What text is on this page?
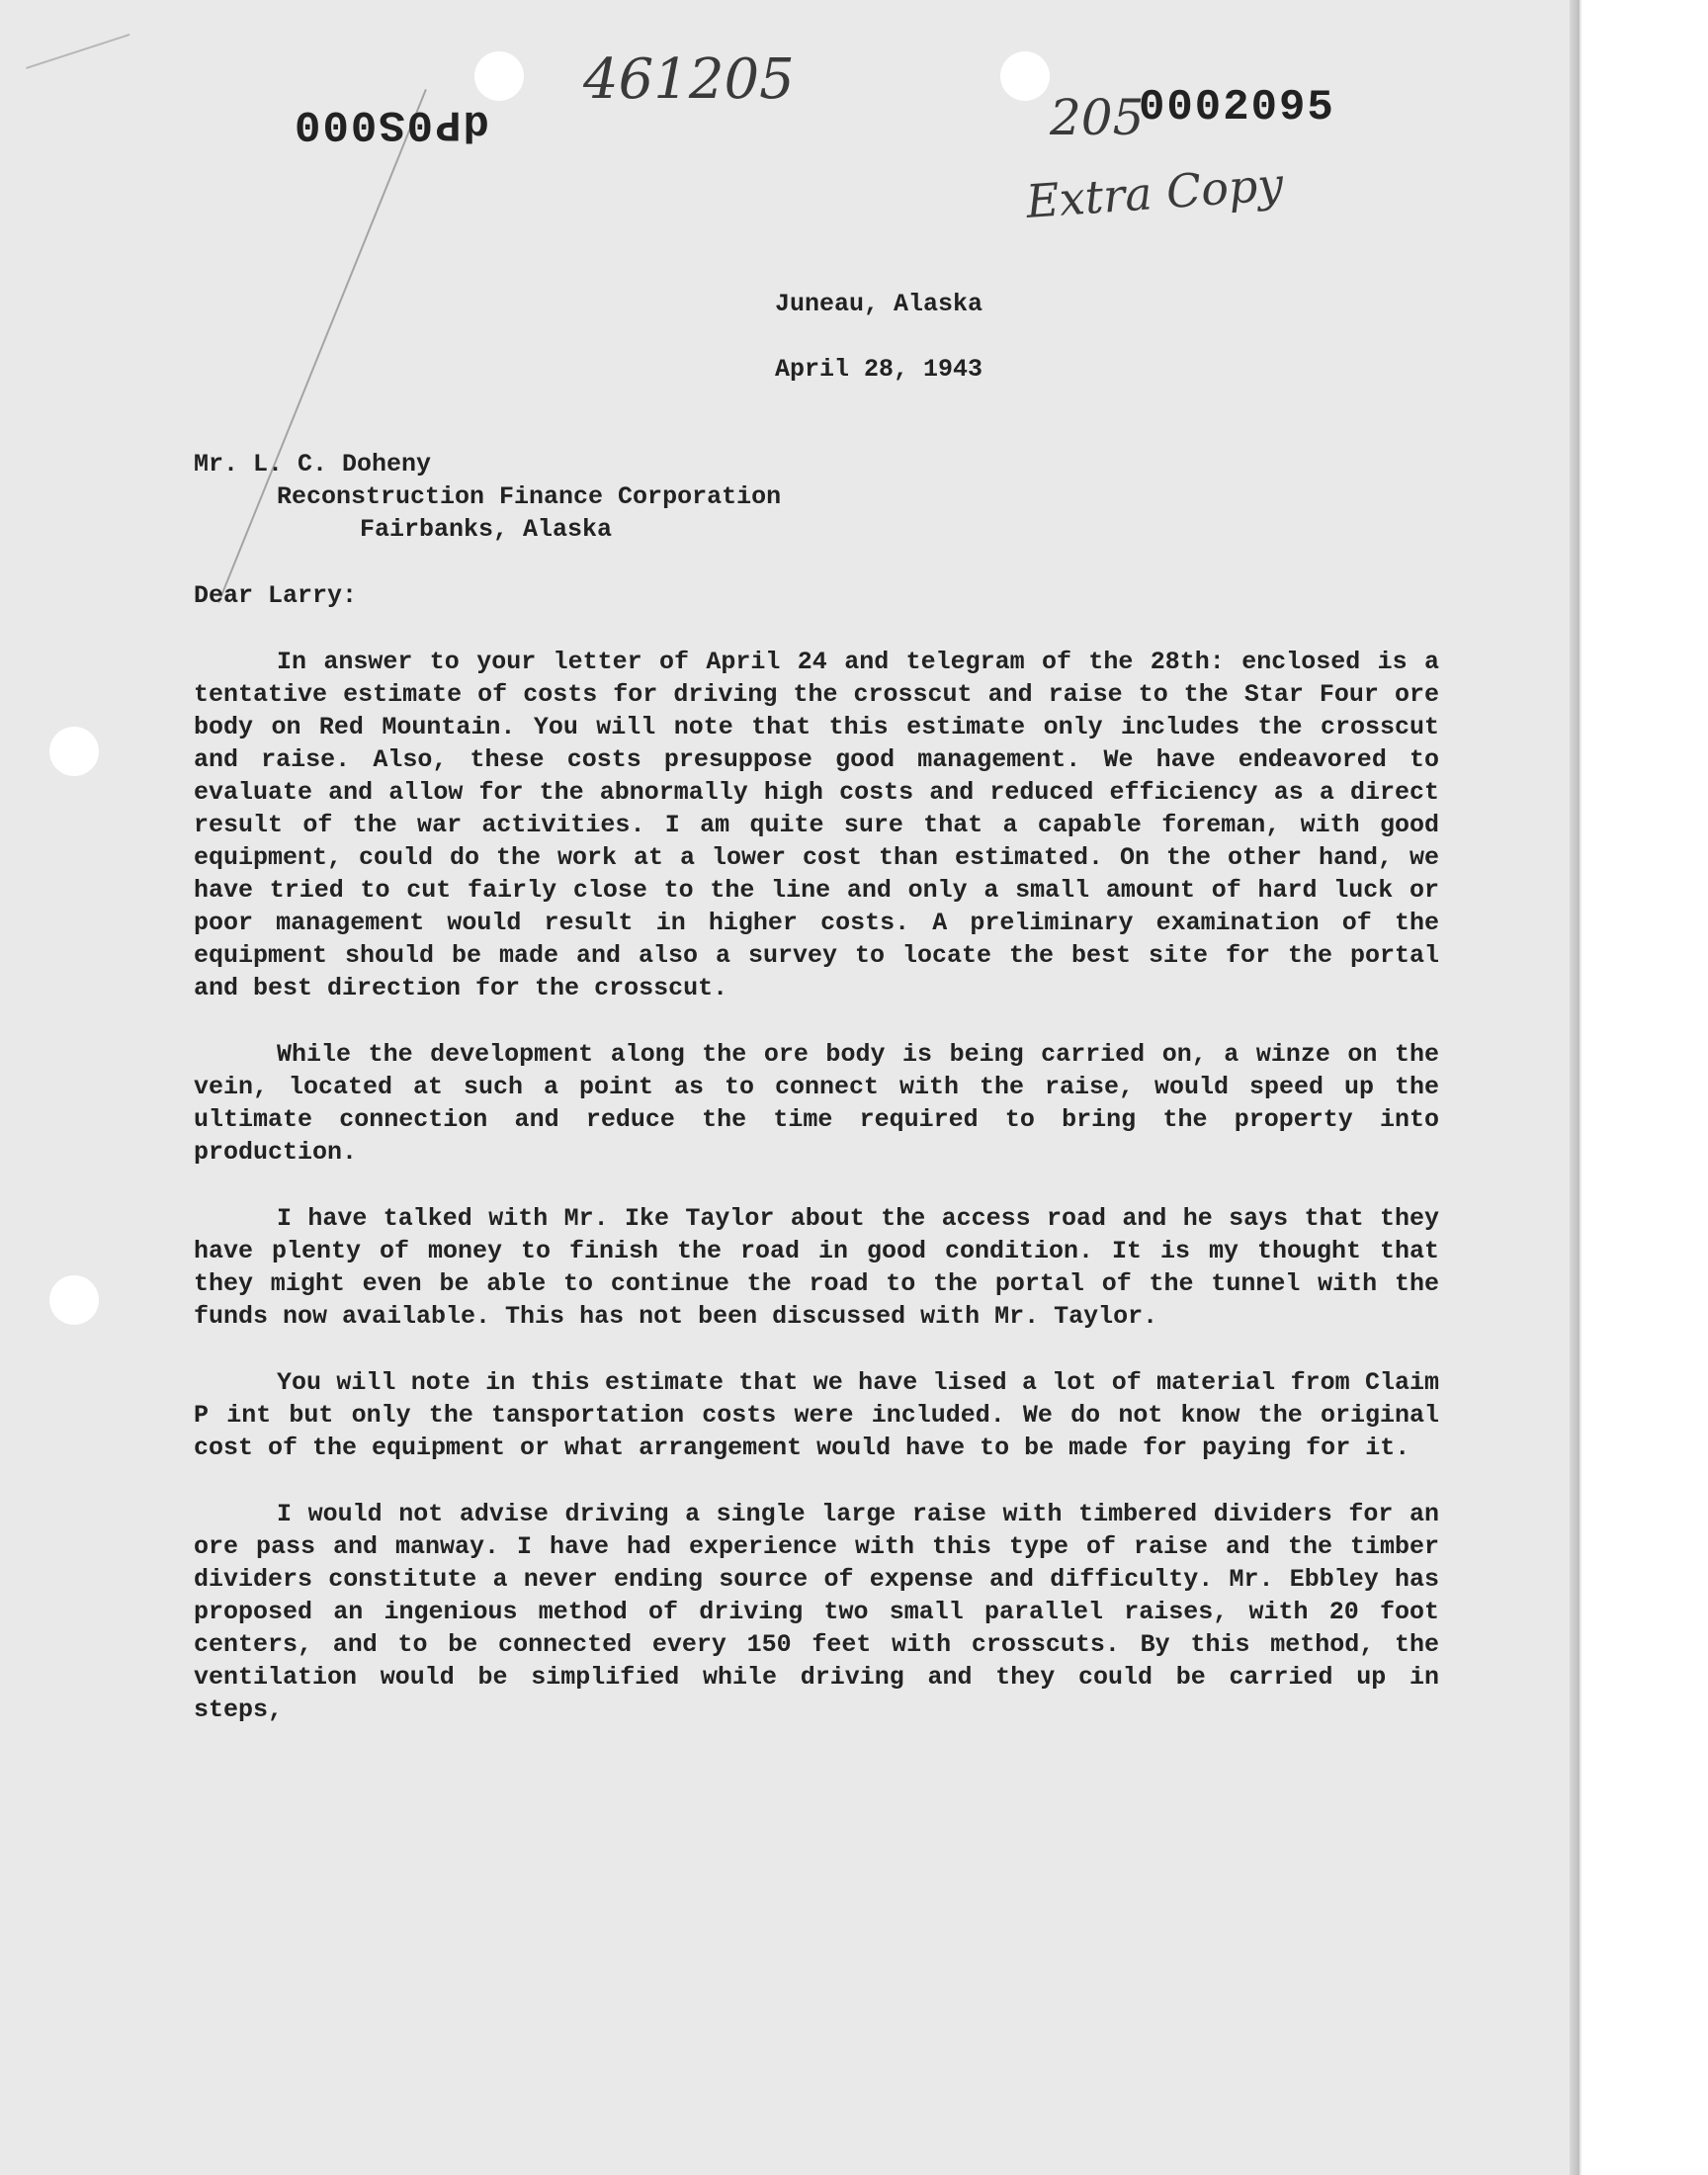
dP0S000
461205
205
0002095
Extra Copy

Juneau, Alaska

April 28, 1943

Mr. L. C. Doheny
Reconstruction Finance Corporation
Fairbanks, Alaska
Dear Larry:

In answer to your letter of April 24 and telegram of the 28th: enclosed is a tentative estimate of costs for driving the crosscut and raise to the Star Four ore body on Red Mountain. You will note that this estimate only includes the crosscut and raise. Also, these costs presuppose good management. We have endeavored to evaluate and allow for the abnormally high costs and reduced efficiency as a direct result of the war activities. I am quite sure that a capable foreman, with good equipment, could do the work at a lower cost than estimated. On the other hand, we have tried to cut fairly close to the line and only a small amount of hard luck or poor management would result in higher costs. A preliminary examination of the equipment should be made and also a survey to locate the best site for the portal and best direction for the crosscut.

While the development along the ore body is being carried on, a winze on the vein, located at such a point as to connect with the raise, would speed up the ultimate connection and reduce the time required to bring the property into production.

I have talked with Mr. Ike Taylor about the access road and he says that they have plenty of money to finish the road in good condition. It is my thought that they might even be able to continue the road to the portal of the tunnel with the funds now available. This has not been discussed with Mr. Taylor.

You will note in this estimate that we have lised a lot of material from Claim P int but only the tansportation costs were included. We do not know the original cost of the equipment or what arrangement would have to be made for paying for it.

I would not advise driving a single large raise with timbered dividers for an ore pass and manway. I have had experience with this type of raise and the timber dividers constitute a never ending source of expense and difficulty. Mr. Ebbley has proposed an ingenious method of driving two small parallel raises, with 20 foot centers, and to be connected every 150 feet with crosscuts. By this method, the ventilation would be simplified while driving and they could be carried up in steps,
